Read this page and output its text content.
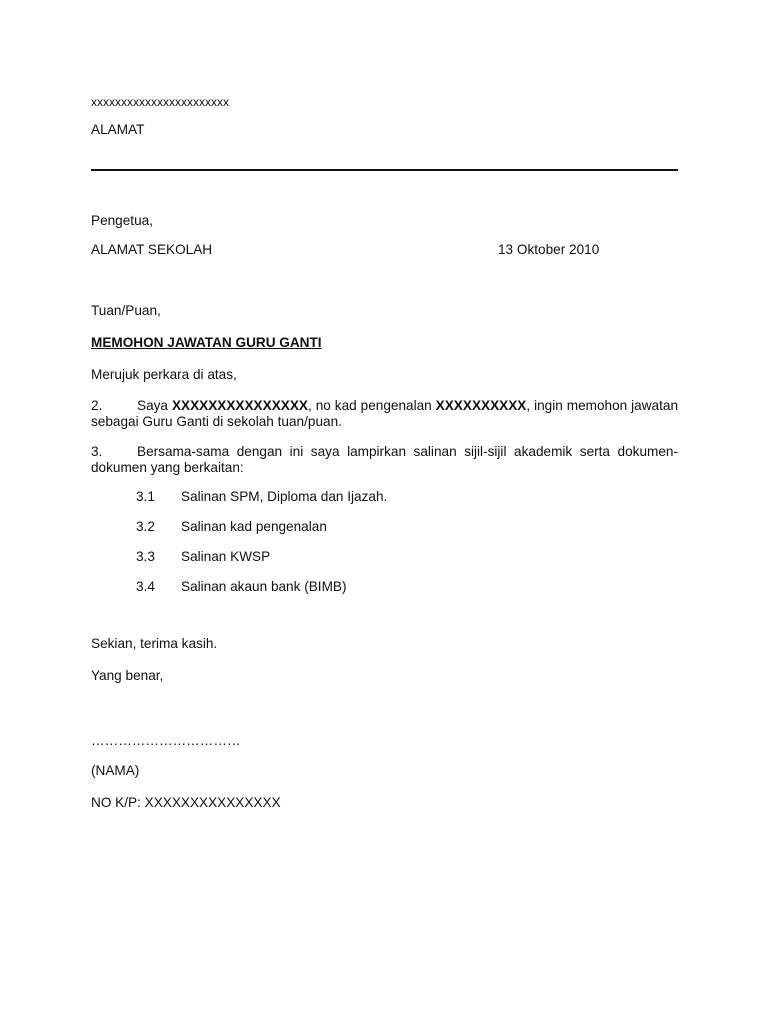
xxxxxxxxxxxxxxxxxxxxxxx
ALAMAT
Pengetua,
ALAMAT SEKOLAH	13 Oktober 2010
Tuan/Puan,
MEMOHON JAWATAN GURU GANTI
Merujuk perkara di atas,
2.	Saya XXXXXXXXXXXXXXX, no kad pengenalan XXXXXXXXXX, ingin memohon jawatan sebagai Guru Ganti di sekolah tuan/puan.
3.	Bersama-sama dengan ini saya lampirkan salinan sijil-sijil akademik serta dokumen-dokumen yang berkaitan:
3.1 Salinan SPM, Diploma dan Ijazah.
3.2 Salinan kad pengenalan
3.3 Salinan KWSP
3.4 Salinan akaun bank (BIMB)
Sekian, terima kasih.
Yang benar,
……………………………
(NAMA)
NO K/P: XXXXXXXXXXXXXXX
